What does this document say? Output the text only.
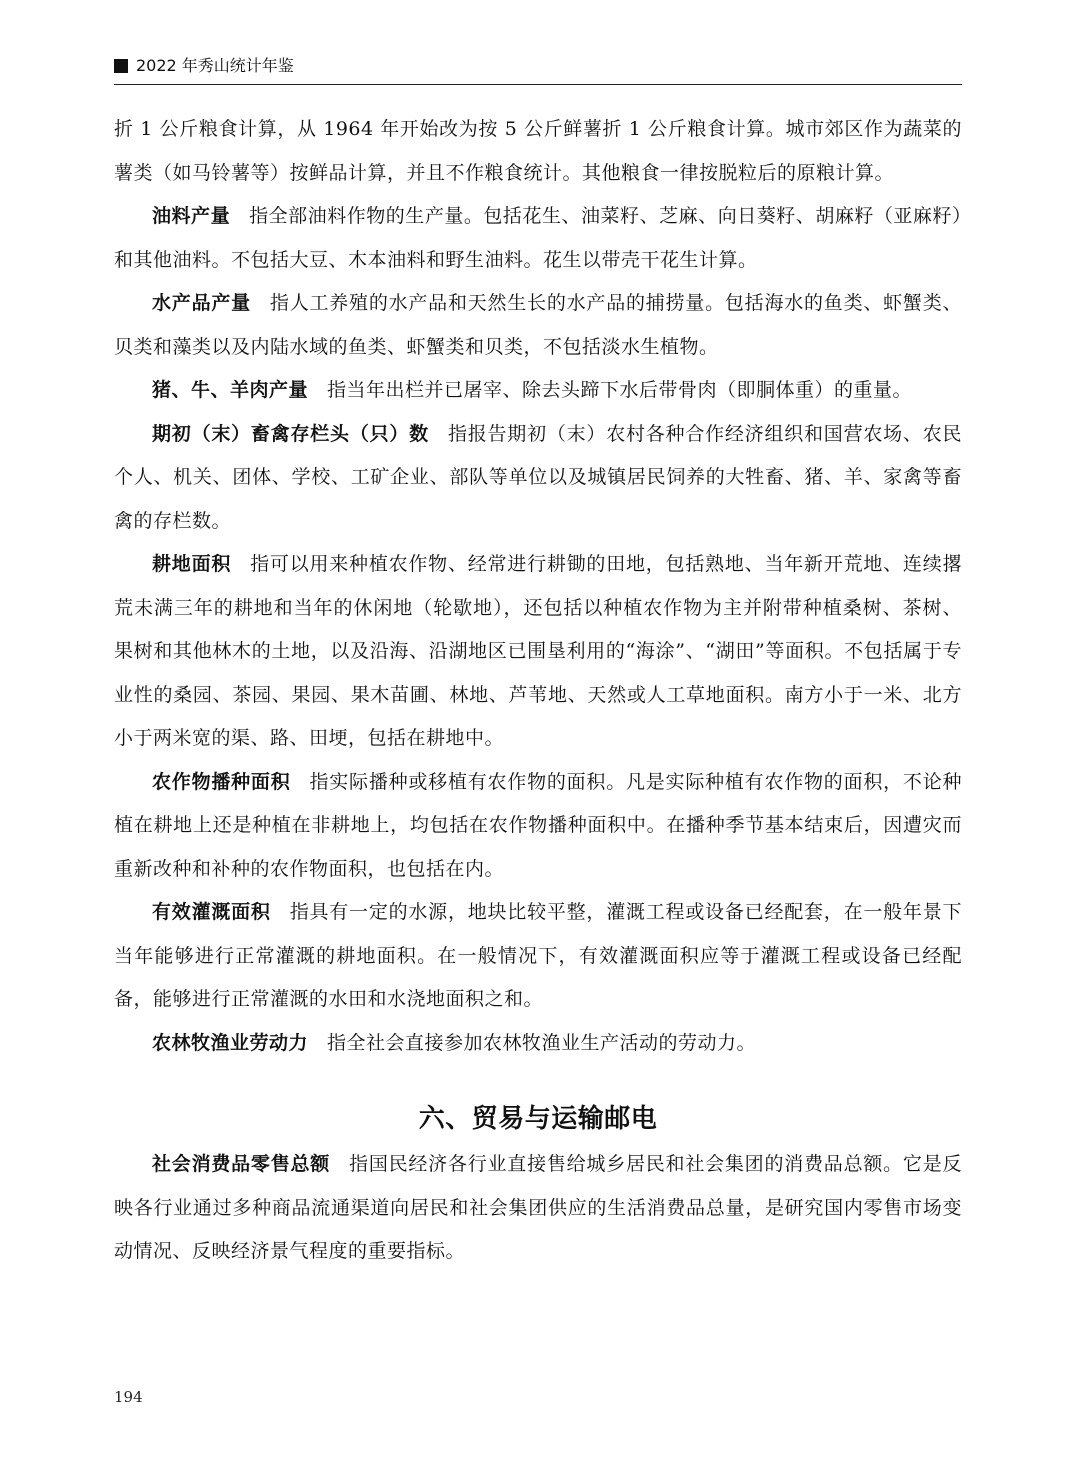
2022 年秀山统计年鉴

折 1 公斤粮食计算，从 1964 年开始改为按 5 公斤鲜薯折 1 公斤粮食计算。城市郊区作为蔬菜的薯类（如马铃薯等）按鲜品计算，并且不作粮食统计。其他粮食一律按脱粒后的原粮计算。

油料产量 指全部油料作物的生产量。包括花生、油菜籽、芝麻、向日葵籽、胡麻籽（亚麻籽）和其他油料。不包括大豆、木本油料和野生油料。花生以带壳干花生计算。

水产品产量 指人工养殖的水产品和天然生长的水产品的捕捞量。包括海水的鱼类、虾蟹类、贝类和藻类以及内陆水域的鱼类、虾蟹类和贝类，不包括淡水生植物。

猪、牛、羊肉产量 指当年出栏并已屠宰、除去头蹄下水后带骨肉（即胴体重）的重量。

期初（末）畜禽存栏头（只）数 指报告期初（末）农村各种合作经济组织和国营农场、农民个人、机关、团体、学校、工矿企业、部队等单位以及城镇居民饲养的大牲畜、猪、羊、家禽等畜禽的存栏数。

耕地面积 指可以用来种植农作物、经常进行耕锄的田地，包括熟地、当年新开荒地、连续撂荒未满三年的耕地和当年的休闲地（轮歇地），还包括以种植农作物为主并附带种植桑树、茶树、果树和其他林木的土地，以及沿海、沿湖地区已围垦利用的“海涂”、“湖田”等面积。不包括属于专业性的桑园、茶园、果园、果木苗圃、林地、芦苇地、天然或人工草地面积。南方小于一米、北方小于两米宽的渠、路、田埂，包括在耕地中。

农作物播种面积 指实际播种或移植有农作物的面积。凡是实际种植有农作物的面积，不论种植在耕地上还是种植在非耕地上，均包括在农作物播种面积中。在播种季节基本结束后，因遭灾而重新改种和补种的农作物面积，也包括在内。

有效灌溉面积 指具有一定的水源，地块比较平整，灌溉工程或设备已经配套，在一般年景下当年能够进行正常灌溉的耕地面积。在一般情况下，有效灌溉面积应等于灌溉工程或设备已经配备，能够进行正常灌溉的水田和水浇地面积之和。

农林牧渔业劳动力 指全社会直接参加农林牧渔业生产活动的劳动力。

六、贸易与运输邮电

社会消费品零售总额 指国民经济各行业直接售给城乡居民和社会集团的消费品总额。它是反映各行业通过多种商品流通渠道向居民和社会集团供应的生活消费品总量，是研究国内零售市场变动情况、反映经济景气程度的重要指标。

194
